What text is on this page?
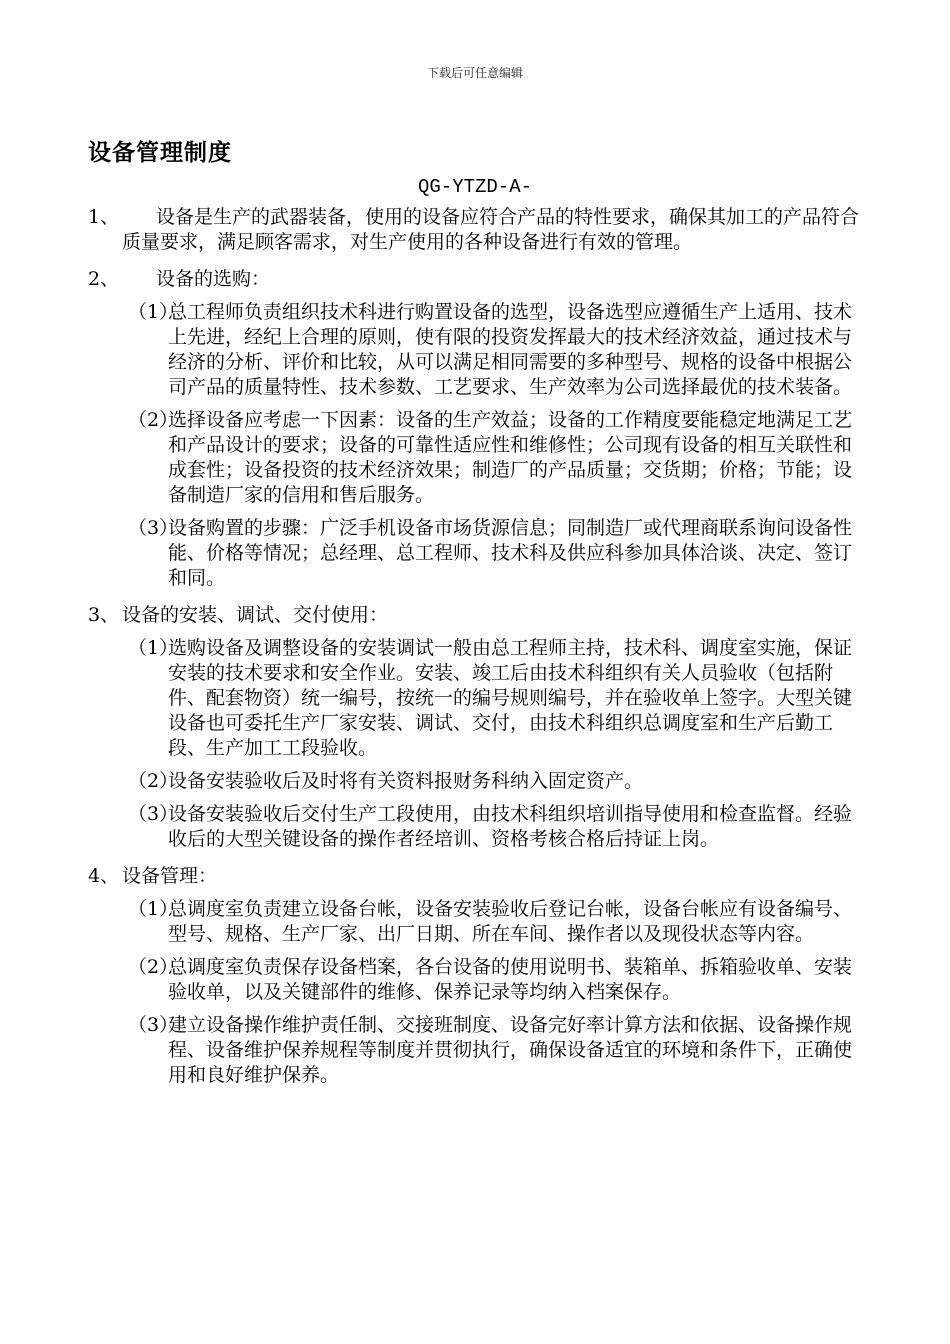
下载后可任意编辑
设备管理制度
QG-YTZD-A-
1、 设备是生产的武器装备，使用的设备应符合产品的特性要求，确保其加工的产品符合质量要求，满足顾客需求，对生产使用的各种设备进行有效的管理。
2、 设备的选购：
（1）
总工程师负责组织技术科进行购置设备的选型，设备选型应遵循生产上适用、技术上先进，经纪上合理的原则，使有限的投资发挥最大的技术经济效益，通过技术与经济的分析、评价和比较，从可以满足相同需要的多种型号、规格的设备中根据公司产品的质量特性、技术参数、工艺要求、生产效率为公司选择最优的技术装备。
（2）
选择设备应考虑一下因素：设备的生产效益；设备的工作精度要能稳定地满足工艺和产品设计的要求；设备的可靠性适应性和维修性；公司现有设备的相互关联性和成套性；设备投资的技术经济效果；制造厂的产品质量；交货期；价格；节能；设备制造厂家的信用和售后服务。
（3）
设备购置的步骤：广泛手机设备市场货源信息；同制造厂或代理商联系询问设备性能、价格等情况；总经理、总工程师、技术科及供应科参加具体洽谈、决定、签订和同。
3、 设备的安装、调试、交付使用：
（1）
选购设备及调整设备的安装调试一般由总工程师主持，技术科、调度室实施，保证安装的技术要求和安全作业。安装、竣工后由技术科组织有关人员验收（包括附件、配套物资）统一编号，按统一的编号规则编号，并在验收单上签字。大型关键设备也可委托生产厂家安装、调试、交付，由技术科组织总调度室和生产后勤工段、生产加工工段验收。
（2）
设备安装验收后及时将有关资料报财务科纳入固定资产。
（3）
设备安装验收后交付生产工段使用，由技术科组织培训指导使用和检查监督。经验收后的大型关键设备的操作者经培训、资格考核合格后持证上岗。
4、 设备管理：
（1）
总调度室负责建立设备台帐，设备安装验收后登记台帐，设备台帐应有设备编号、型号、规格、生产厂家、出厂日期、所在车间、操作者以及现役状态等内容。
（2）
总调度室负责保存设备档案，各台设备的使用说明书、装箱单、拆箱验收单、安装验收单，以及关键部件的维修、保养记录等均纳入档案保存。
（3）
建立设备操作维护责任制、交接班制度、设备完好率计算方法和依据、设备操作规程、设备维护保养规程等制度并贯彻执行，确保设备适宜的环境和条件下，正确使用和良好维护保养。
